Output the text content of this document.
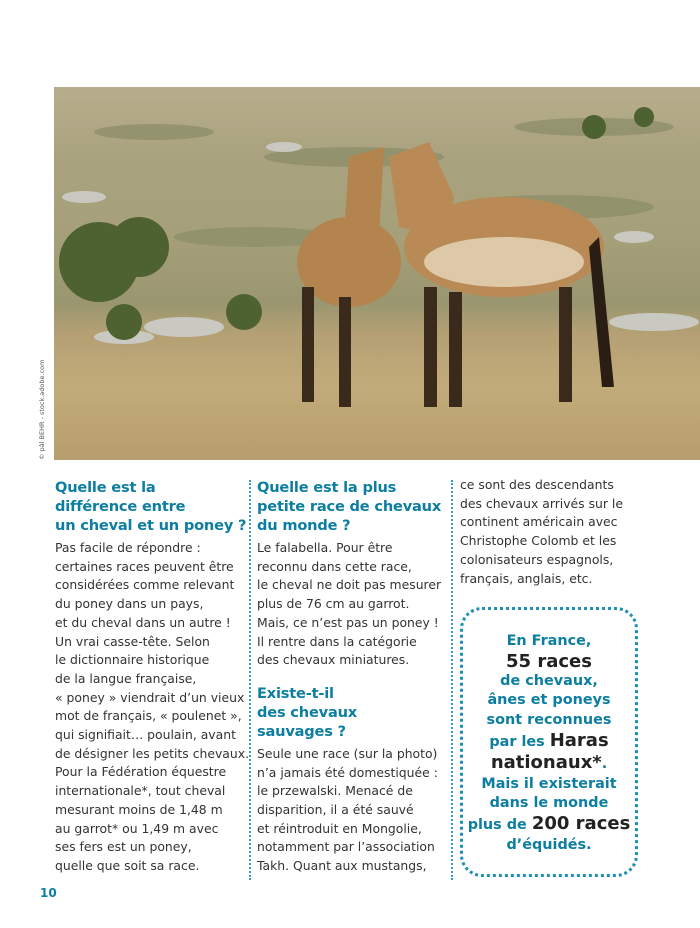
© pâl BEHR - stock.adobe.com
Quelle est la
différence entre
un cheval et un poney ?
Pas facile de répondre :
certaines races peuvent être
considérées comme relevant
du poney dans un pays,
et du cheval dans un autre !
Un vrai casse-tête. Selon
le dictionnaire historique
de la langue française,
« poney » viendrait d’un vieux
mot de français, « poulenet »,
qui signifiait… poulain, avant
de désigner les petits chevaux.
Pour la Fédération équestre
internationale*, tout cheval
mesurant moins de 1,48 m
au garrot* ou 1,49 m avec
ses fers est un poney,
quelle que soit sa race.
Quelle est la plus
petite race de chevaux
du monde ?
Le falabella. Pour être
reconnu dans cette race,
le cheval ne doit pas mesurer
plus de 76 cm au garrot.
Mais, ce n’est pas un poney !
Il rentre dans la catégorie
des chevaux miniatures.
Existe-t-il
des chevaux
sauvages ?
Seule une race (sur la photo)
n’a jamais été domestiquée :
le przewalski. Menacé de
disparition, il a été sauvé
et réintroduit en Mongolie,
notamment par l’association
Takh. Quant aux mustangs,
ce sont des descendants
des chevaux arrivés sur le
continent américain avec
Christophe Colomb et les
colonisateurs espagnols,
français, anglais, etc.
En France,
55 races
de chevaux,
ânes et poneys
sont reconnues
par les Haras
nationaux*.
Mais il existerait
dans le monde
plus de 200 races
d’équidés.
10
